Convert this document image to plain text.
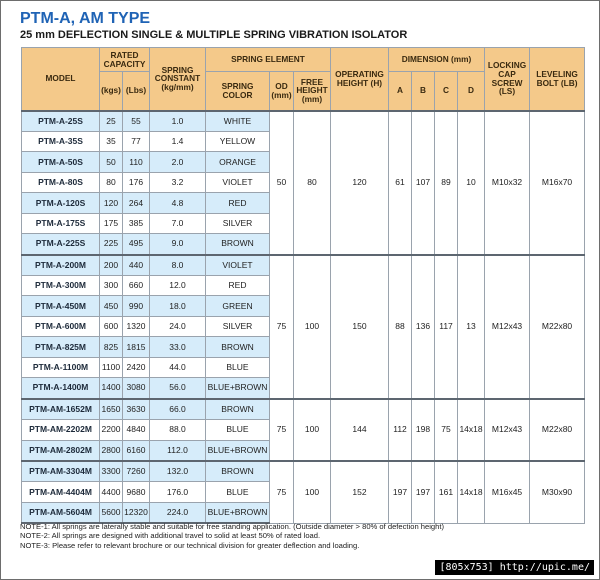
PTM-A, AM TYPE
25 mm DEFLECTION SINGLE & MULTIPLE SPRING VIBRATION ISOLATOR
MODEL	RATED CAPACITY		SPRING CONSTANT (kg/mm)	SPRING ELEMENT			OPERATING HEIGHT (H)	DIMENSION (mm)				LOCKING CAP SCREW (LS)	LEVELING BOLT (LB)
	(kgs)	(Lbs)		SPRING COLOR	OD (mm)	FREE HEIGHT (mm)		A	B	C	D		
PTM-A-25S	25	55	1.0	WHITE	50	80	120	61	107	89	10	M10x32	M16x70
PTM-A-35S	35	77	1.4	YELLOW									
PTM-A-50S	50	110	2.0	ORANGE									
PTM-A-80S	80	176	3.2	VIOLET									
PTM-A-120S	120	264	4.8	RED									
PTM-A-175S	175	385	7.0	SILVER									
PTM-A-225S	225	495	9.0	BROWN									
PTM-A-200M	200	440	8.0	VIOLET	75	100	150	88	136	117	13	M12x43	M22x80
PTM-A-300M	300	660	12.0	RED									
PTM-A-450M	450	990	18.0	GREEN									
PTM-A-600M	600	1320	24.0	SILVER									
PTM-A-825M	825	1815	33.0	BROWN									
PTM-A-1100M	1100	2420	44.0	BLUE									
PTM-A-1400M	1400	3080	56.0	BLUE+BROWN									
PTM-AM-1652M	1650	3630	66.0	BROWN	75	100	144	112	198	75	14x18	M12x43	M22x80
PTM-AM-2202M	2200	4840	88.0	BLUE									
PTM-AM-2802M	2800	6160	112.0	BLUE+BROWN									
PTM-AM-3304M	3300	7260	132.0	BROWN	75	100	152	197	197	161	14x18	M16x45	M30x90
PTM-AM-4404M	4400	9680	176.0	BLUE									
PTM-AM-5604M	5600	12320	224.0	BLUE+BROWN									
NOTE-1: All springs are laterally stable and suitable for free standing application. (Outside diameter > 80% of defection height)
NOTE-2: All springs are designed with additional travel to solid at least 50% of rated load.
NOTE-3: Please refer to relevant brochure or our technical division for greater deflection and loading.
[805x753] http://upic.me/
